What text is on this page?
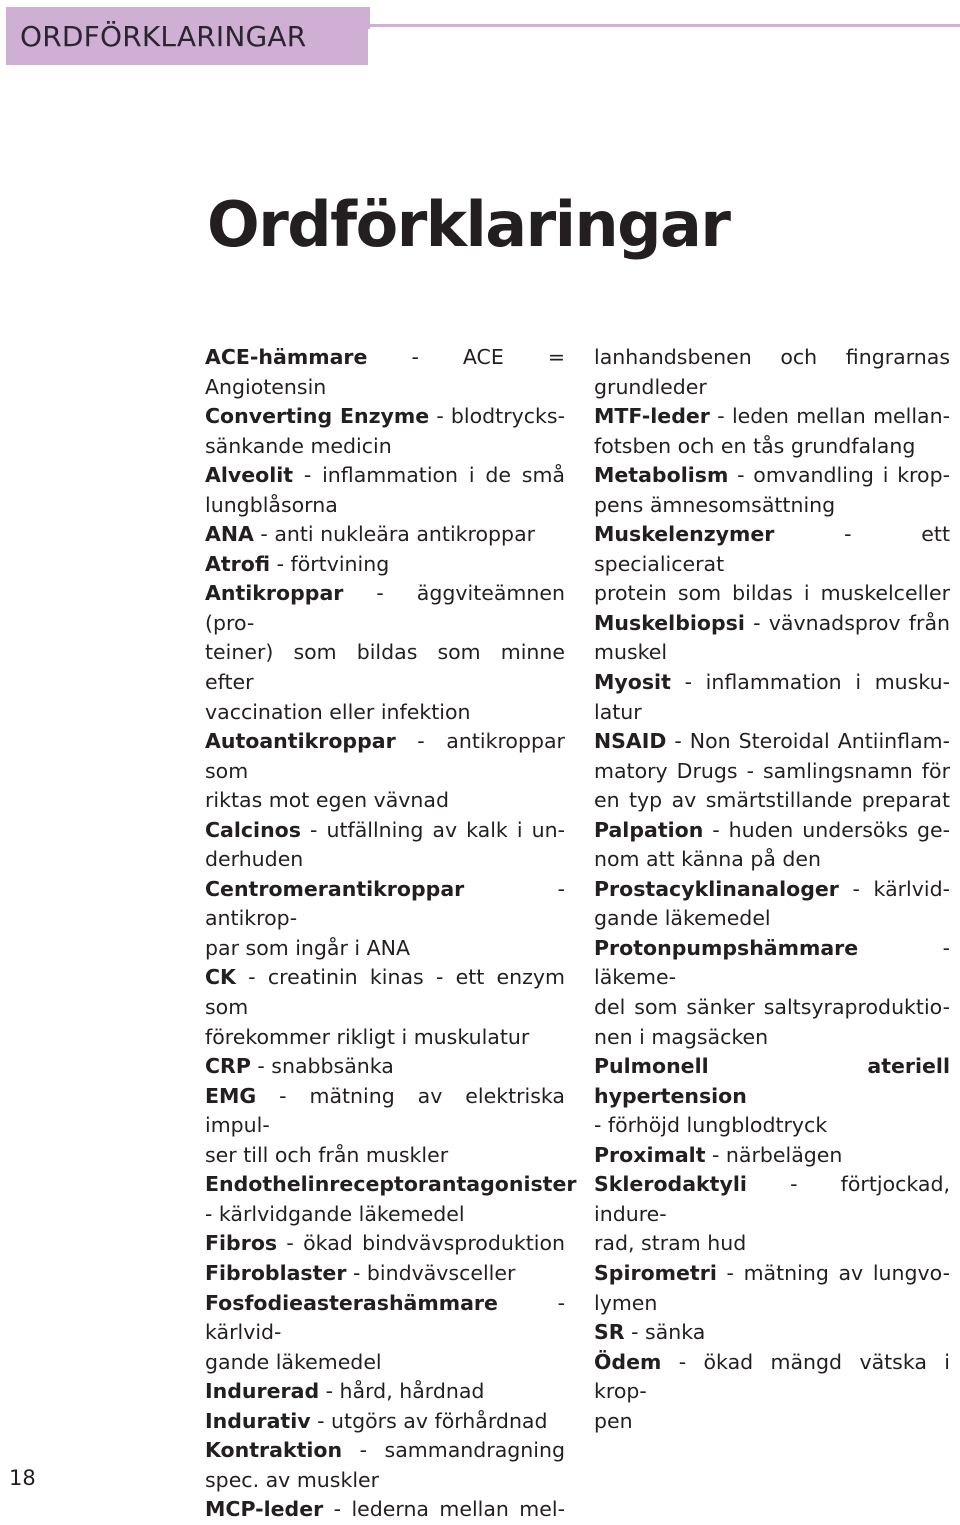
ORDFÖRKLARINGAR
Ordförklaringar
ACE-hämmare - ACE = Angiotensin
Converting Enzyme - blodtrycks-
sänkande medicin
Alveolit - inflammation i de små
lungblåsorna
ANA - anti nukleära antikroppar
Atrofi - förtvining
Antikroppar - äggviteämnen (pro-
teiner) som bildas som minne efter
vaccination eller infektion
Autoantikroppar - antikroppar som
riktas mot egen vävnad
Calcinos - utfällning av kalk i un-
derhuden
Centromerantikroppar - antikrop-
par som ingår i ANA
CK - creatinin kinas - ett enzym som
förekommer rikligt i muskulatur
CRP - snabbsänka
EMG - mätning av elektriska impul-
ser till och från muskler
Endothelinreceptorantagonister
- kärlvidgande läkemedel
Fibros - ökad bindvävsproduktion
Fibroblaster - bindvävsceller
Fosfodieasterashämmare - kärlvid-
gande läkemedel
Indurerad - hård, hårdnad
Indurativ - utgörs av förhårdnad
Kontraktion - sammandragning
spec. av muskler
MCP-leder - lederna mellan mel-
lanhandsbenen och fingrarnas
grundleder
MTF-leder - leden mellan mellan-
fotsben och en tås grundfalang
Metabolism - omvandling i krop-
pens ämnesomsättning
Muskelenzymer - ett specialicerat
protein som bildas i muskelceller
Muskelbiopsi - vävnadsprov från
muskel
Myosit - inflammation i musku-
latur
NSAID - Non Steroidal Antiinflam-
matory Drugs - samlingsnamn för
en typ av smärtstillande preparat
Palpation - huden undersöks ge-
nom att känna på den
Prostacyklinanaloger - kärlvid-
gande läkemedel
Protonpumpshämmare - läkeme-
del som sänker saltsyraproduktio-
nen i magsäcken
Pulmonell ateriell hypertension
- förhöjd lungblodtryck
Proximalt - närbelägen
Sklerodaktyli - förtjockad, indure-
rad, stram hud
Spirometri - mätning av lungvo-
lymen
SR - sänka
Ödem - ökad mängd vätska i krop-
pen
18
